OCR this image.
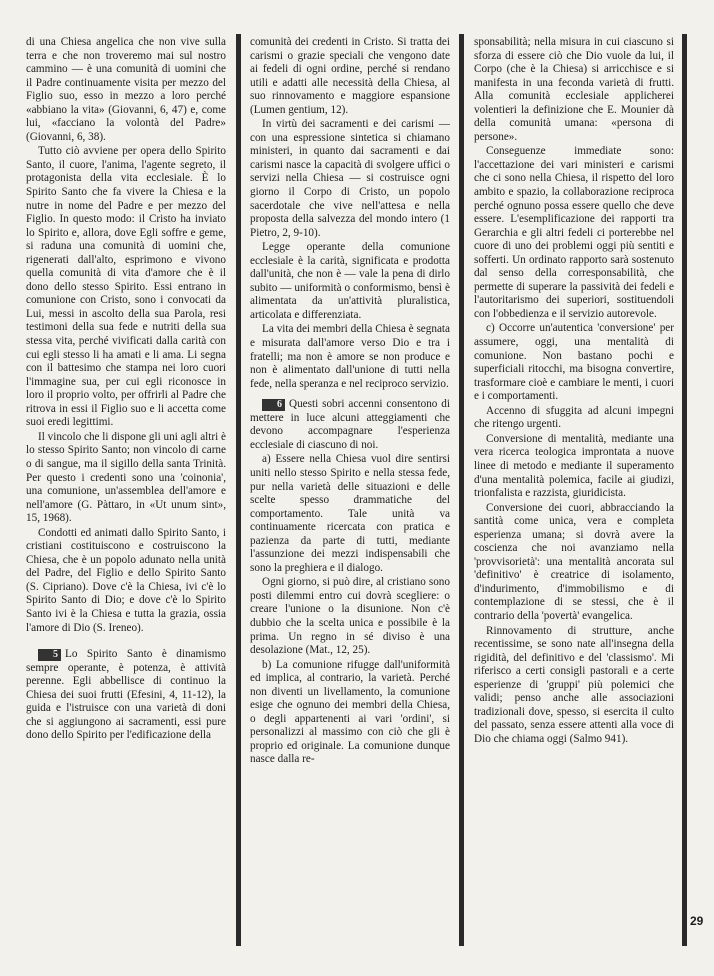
di una Chiesa angelica che non vive sulla terra e che non troveremo mai sul nostro cammino — è una comunità di uomini che il Padre continuamente visita per mezzo del Figlio suo, esso in mezzo a loro perché «abbiano la vita» (Giovanni, 6, 47) e, come lui, «facciano la volontà del Padre» (Giovanni, 6, 38).

Tutto ciò avviene per opera dello Spirito Santo, il cuore, l'anima, l'agente segreto, il protagonista della vita ecclesiale. È lo Spirito Santo che fa vivere la Chiesa e la nutre in nome del Padre e per mezzo del Figlio. In questo modo: il Cristo ha inviato lo Spirito e, allora, dove Egli soffre e geme, si raduna una comunità di uomini che, rigenerati dall'alto, esprimono e vivono quella comunità di vita d'amore che è il dono dello stesso Spirito. Essi entrano in comunione con Cristo, sono i convocati da Lui, messi in ascolto della sua Parola, resi testimoni della sua fede e nutriti della sua stessa vita, perché vivificati dalla carità con cui egli stesso li ha amati e li ama. Li segna con il battesimo che stampa nei loro cuori l'immagine sua, per cui egli riconosce in loro il proprio volto, per offrirli al Padre che ritrova in essi il Figlio suo e li accetta come suoi eredi legittimi.

Il vincolo che li dispone gli uni agli altri è lo stesso Spirito Santo; non vincolo di carne o di sangue, ma il sigillo della santa Trinità. Per questo i credenti sono una 'coinonia', una comunione, un'assemblea dell'amore e nell'amore (G. Pàttaro, in «Ut unum sint», 15, 1968).

Condotti ed animati dallo Spirito Santo, i cristiani costituiscono e costruiscono la Chiesa, che è un popolo adunato nella unità del Padre, del Figlio e dello Spirito Santo (S. Cipriano). Dove c'è la Chiesa, ivi c'è lo Spirito Santo di Dio; e dove c'è lo Spirito Santo ivi è la Chiesa e tutta la grazia, ossia l'amore di Dio (S. Ireneo).

5 Lo Spirito Santo è dinamismo sempre operante, è potenza, è attività perenne. Egli abbellisce di continuo la Chiesa dei suoi frutti (Efesini, 4, 11-12), la guida e l'istruisce con una varietà di doni che si aggiungono ai sacramenti, essi pure dono dello Spirito per l'edificazione della

comunità dei credenti in Cristo. Si tratta dei carismi o grazie speciali che vengono date ai fedeli di ogni ordine, perché si rendano utili e adatti alle necessità della Chiesa, al suo rinnovamento e maggiore espansione (Lumen gentium, 12).

In virtù dei sacramenti e dei carismi — con una espressione sintetica si chiamano ministeri, in quanto dai sacramenti e dai carismi nasce la capacità di svolgere uffici o servizi nella Chiesa — si costruisce ogni giorno il Corpo di Cristo, un popolo sacerdotale che vive nell'attesa e nella proposta della salvezza del mondo intero (1 Pietro, 2, 9-10).

Legge operante della comunione ecclesiale è la carità, significata e prodotta dall'unità, che non è — vale la pena di dirlo subito — uniformità o conformismo, bensì è alimentata da un'attività pluralistica, articolata e differenziata.

La vita dei membri della Chiesa è segnata e misurata dall'amore verso Dio e tra i fratelli; ma non è amore se non produce e non è alimentato dall'unione di tutti nella fede, nella speranza e nel reciproco servizio.

6 Questi sobri accenni consentono di mettere in luce alcuni atteggiamenti che devono accompagnare l'esperienza ecclesiale di ciascuno di noi.

a) Essere nella Chiesa vuol dire sentirsi uniti nello stesso Spirito e nella stessa fede, pur nella varietà delle situazioni e delle scelte spesso drammatiche del comportamento. Tale unità va continuamente ricercata con pratica e pazienza da parte di tutti, mediante l'assunzione dei mezzi indispensabili che sono la preghiera e il dialogo.

Ogni giorno, si può dire, al cristiano sono posti dilemmi entro cui dovrà scegliere: o creare l'unione o la disunione. Non c'è dubbio che la scelta unica e possibile è la prima. Un regno in sé diviso è una desolazione (Mat., 12, 25).

b) La comunione rifugge dall'uniformità ed implica, al contrario, la varietà. Perché non diventi un livellamento, la comunione esige che ognuno dei membri della Chiesa, o degli appartenenti ai vari 'ordini', si personalizzi al massimo con ciò che gli è proprio ed originale. La comunione dunque nasce dalla re-

sponsabilità; nella misura in cui ciascuno si sforza di essere ciò che Dio vuole da lui, il Corpo (che è la Chiesa) si arricchisce e si manifesta in una feconda varietà di frutti. Alla comunità ecclesiale applicherei volentieri la definizione che E. Mounier dà della comunità umana: «persona di persone».

Conseguenze immediate sono: l'accettazione dei vari ministeri e carismi che ci sono nella Chiesa, il rispetto del loro ambito e spazio, la collaborazione reciproca perché ognuno possa essere quello che deve essere. L'esemplificazione dei rapporti tra Gerarchia e gli altri fedeli ci porterebbe nel cuore di uno dei problemi oggi più sentiti e sofferti. Un ordinato rapporto sarà sostenuto dal senso della corresponsabilità, che permette di superare la passività dei fedeli e l'autoritarismo dei superiori, sostituendoli con l'obbedienza e il servizio autorevole.

c) Occorre un'autentica 'conversione' per assumere, oggi, una mentalità di comunione. Non bastano pochi e superficiali ritocchi, ma bisogna convertire, trasformare cioè e cambiare le menti, i cuori e i comportamenti.

Accenno di sfuggita ad alcuni impegni che ritengo urgenti.

Conversione di mentalità, mediante una vera ricerca teologica improntata a nuove linee di metodo e mediante il superamento d'una mentalità polemica, facile ai giudizi, trionfalista e razzista, giuridicista.

Conversione dei cuori, abbracciando la santità come unica, vera e completa esperienza umana; si dovrà avere la coscienza che noi avanziamo nella 'provvisorietà': una mentalità ancorata sul 'definitivo' è creatrice di isolamento, d'indurimento, d'immobilismo e di contemplazione di se stessi, che è il contrario della 'povertà' evangelica.

Rinnovamento di strutture, anche recentissime, se sono nate all'insegna della rigidità, del definitivo e del 'classismo'. Mi riferisco a certi consigli pastorali e a certe esperienze di 'gruppi' più polemici che validi; penso anche alle associazioni tradizionali dove, spesso, si esercita il culto del passato, senza essere attenti alla voce di Dio che chiama oggi (Salmo 941).

29
